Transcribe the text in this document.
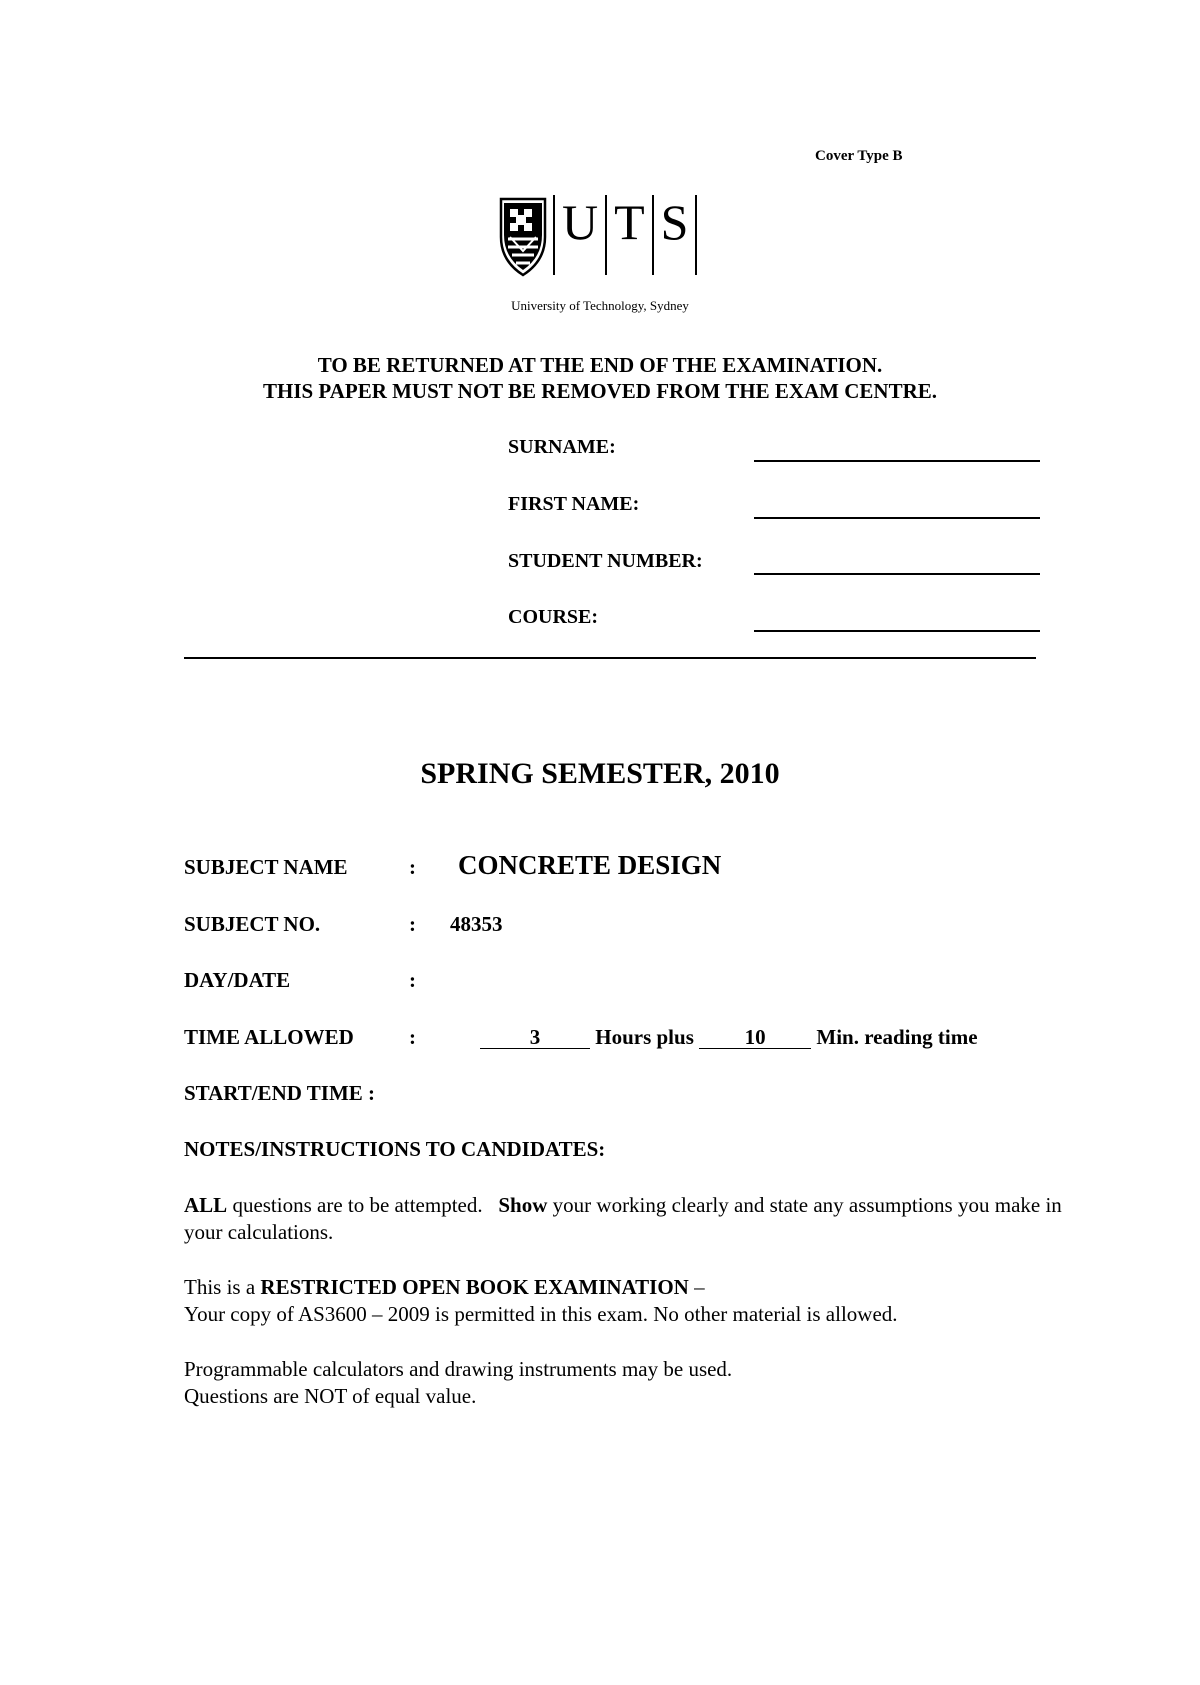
Cover Type B
U T S
University of Technology, Sydney
TO BE RETURNED AT THE END OF THE EXAMINATION.
THIS PAPER MUST NOT BE REMOVED FROM THE EXAM CENTRE.
SURNAME:
FIRST NAME:
STUDENT NUMBER:
COURSE:
SPRING SEMESTER, 2010
SUBJECT NAME	: CONCRETE DESIGN
SUBJECT NO.	: 48353
DAY/DATE	:
TIME ALLOWED	:	3	Hours plus 10 Min. reading time
START/END TIME :
NOTES/INSTRUCTIONS TO CANDIDATES:
ALL questions are to be attempted.   Show your working clearly and state any assumptions you make in your calculations.
This is a RESTRICTED OPEN BOOK EXAMINATION –
Your copy of AS3600 – 2009 is permitted in this exam. No other material is allowed.
Programmable calculators and drawing instruments may be used.
Questions are NOT of equal value.
